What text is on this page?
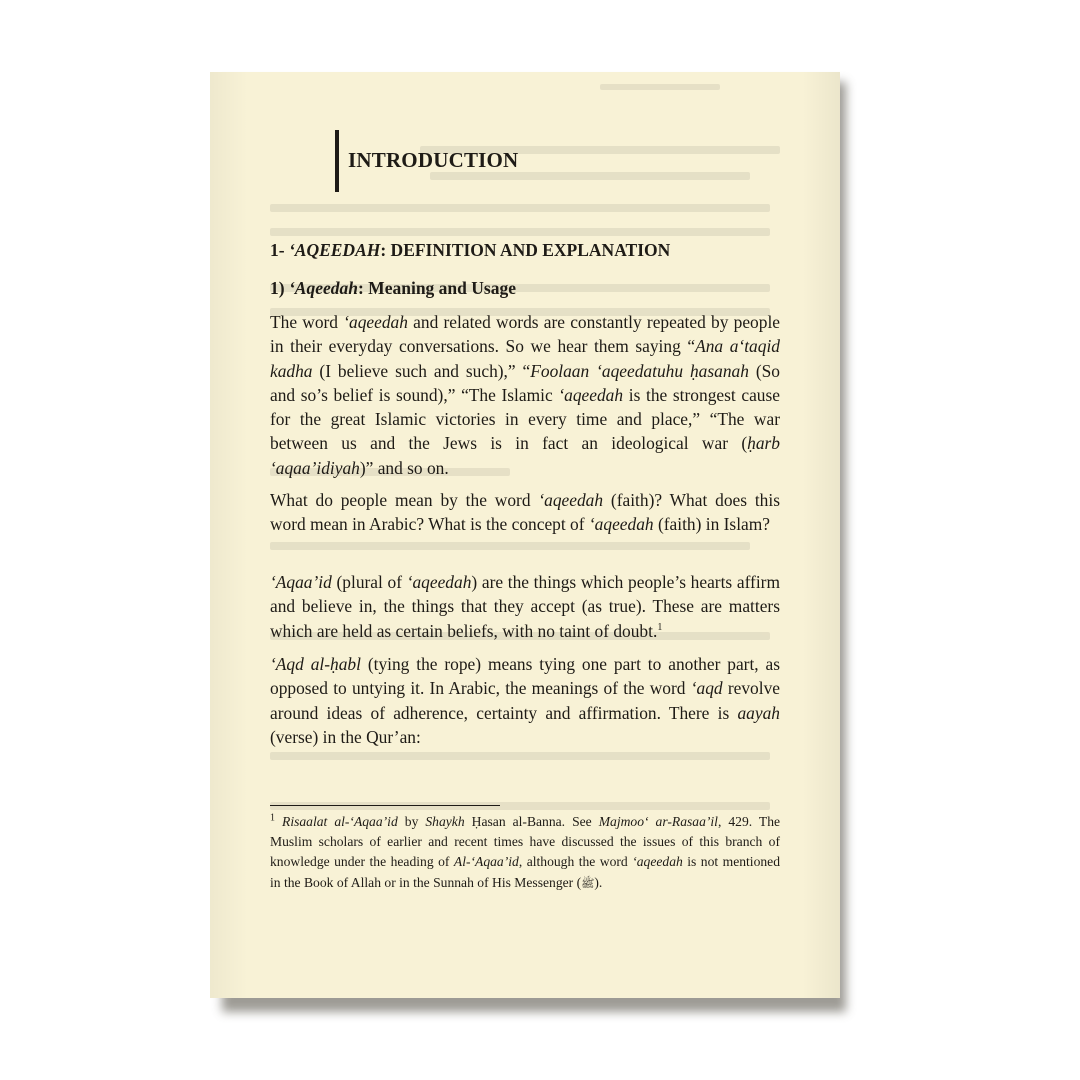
INTRODUCTION
1- ‘AQEEDAH: DEFINITION AND EXPLANATION
1) ‘Aqeedah: Meaning and Usage

The word ‘aqeedah and related words are constantly repeated by people in their everyday conversations. So we hear them saying “Ana a‘taqid kadha (I believe such and such),” “Foolaan ‘aqeedatuhu ḥasanah (So and so’s belief is sound),” “The Islamic ‘aqeedah is the strongest cause for the great Islamic victories in every time and place,” “The war between us and the Jews is in fact an ideological war (ḥarb ‘aqaa’idiyah)” and so on.

What do people mean by the word ‘aqeedah (faith)? What does this word mean in Arabic? What is the concept of ‘aqeedah (faith) in Islam?

‘Aqaa’id (plural of ‘aqeedah) are the things which people’s hearts affirm and believe in, the things that they accept (as true). These are matters which are held as certain beliefs, with no taint of doubt.$^1$

‘Aqd al-ḥabl (tying the rope) means tying one part to another part, as opposed to untying it. In Arabic, the meanings of the word ‘aqd revolve around ideas of adherence, certainty and affirmation. There is aayah (verse) in the Qur’an:

$^1$ Risaalat al-‘Aqaa’id by Shaykh Ḥasan al-Banna. See Majmoo‘ ar-Rasaa’il, 429. The Muslim scholars of earlier and recent times have discussed the issues of this branch of knowledge under the heading of Al-‘Aqaa’id, although the word ‘aqeedah is not mentioned in the Book of Allah or in the Sunnah of His Messenger (ﷺ).
